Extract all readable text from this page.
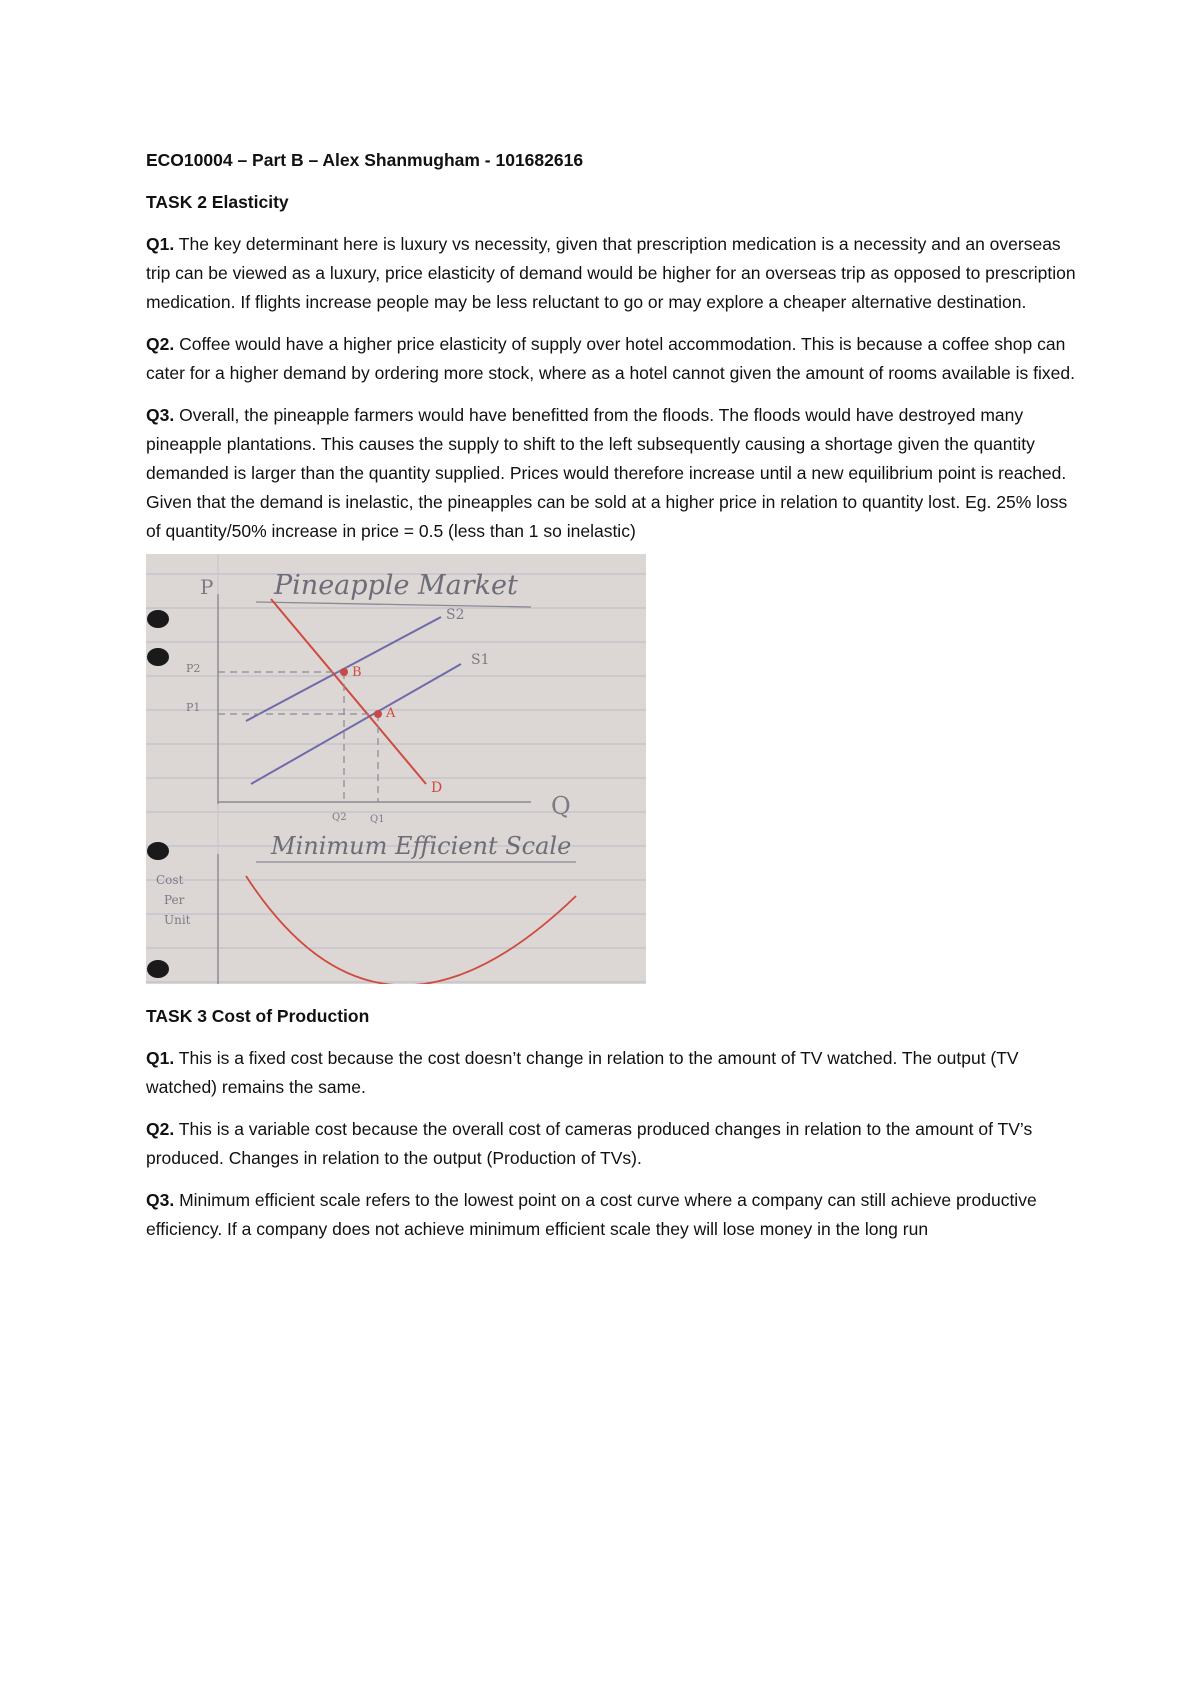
ECO10004 – Part B – Alex Shanmugham - 101682616

TASK 2 Elasticity

Q1. The key determinant here is luxury vs necessity, given that prescription medication is a necessity and an overseas trip can be viewed as a luxury, price elasticity of demand would be higher for an overseas trip as opposed to prescription medication. If flights increase people may be less reluctant to go or may explore a cheaper alternative destination.

Q2. Coffee would have a higher price elasticity of supply over hotel accommodation. This is because a coffee shop can cater for a higher demand by ordering more stock, where as a hotel cannot given the amount of rooms available is fixed.

Q3. Overall, the pineapple farmers would have benefitted from the floods. The floods would have destroyed many pineapple plantations. This causes the supply to shift to the left subsequently causing a shortage given the quantity demanded is larger than the quantity supplied. Prices would therefore increase until a new equilibrium point is reached. Given that the demand is inelastic, the pineapples can be sold at a higher price in relation to quantity lost. Eg. 25% loss of quantity/50% increase in price = 0.5 (less than 1 so inelastic)

Pineapple Market
P
Q
S2
S1
D
P2
P1
Q2 Q1
B
A
Minimum Efficient Scale
Cost
Per
Unit

TASK 3 Cost of Production

Q1. This is a fixed cost because the cost doesn’t change in relation to the amount of TV watched. The output (TV watched) remains the same.

Q2. This is a variable cost because the overall cost of cameras produced changes in relation to the amount of TV’s produced. Changes in relation to the output (Production of TVs).

Q3. Minimum efficient scale refers to the lowest point on a cost curve where a company can still achieve productive efficiency. If a company does not achieve minimum efficient scale they will lose money in the long run
